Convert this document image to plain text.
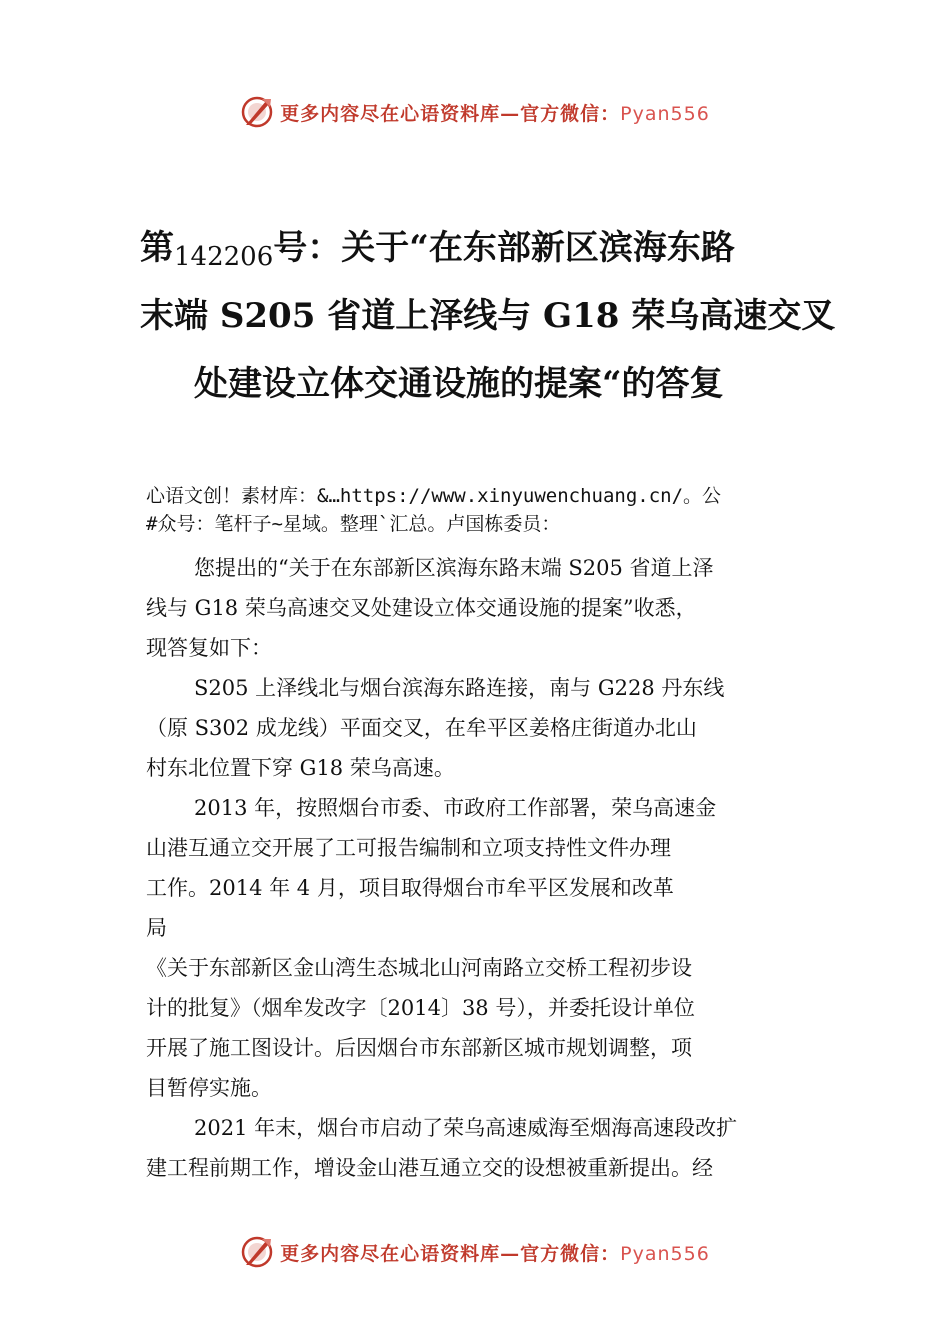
更多内容尽在心语资料库—官方微信：Pyan556
第142206号：关于“在东部新区滨海东路
末端 S205 省道上泽线与 G18 荣乌高速交叉
处建设立体交通设施的提案“的答复
心语文创！素材库：&…https://www.xinyuwenchuang.cn/。公
#众号：笔杆子~星域。整理`汇总。卢国栋委员：
您提出的“关于在东部新区滨海东路末端 S205 省道上泽
线与 G18 荣乌高速交叉处建设立体交通设施的提案”收悉，
现答复如下：
S205 上泽线北与烟台滨海东路连接，南与 G228 丹东线
（原 S302 成龙线）平面交叉，在牟平区姜格庄街道办北山
村东北位置下穿 G18 荣乌高速。
2013 年，按照烟台市委、市政府工作部署，荣乌高速金
山港互通立交开展了工可报告编制和立项支持性文件办理
工作。2014 年 4 月，项目取得烟台市牟平区发展和改革
局
《关于东部新区金山湾生态城北山河南路立交桥工程初步设
计的批复》（烟牟发改字〔2014〕38 号），并委托设计单位
开展了施工图设计。后因烟台市东部新区城市规划调整，项
目暂停实施。
2021 年末，烟台市启动了荣乌高速威海至烟海高速段改扩
建工程前期工作，增设金山港互通立交的设想被重新提出。经
更多内容尽在心语资料库—官方微信：Pyan556
